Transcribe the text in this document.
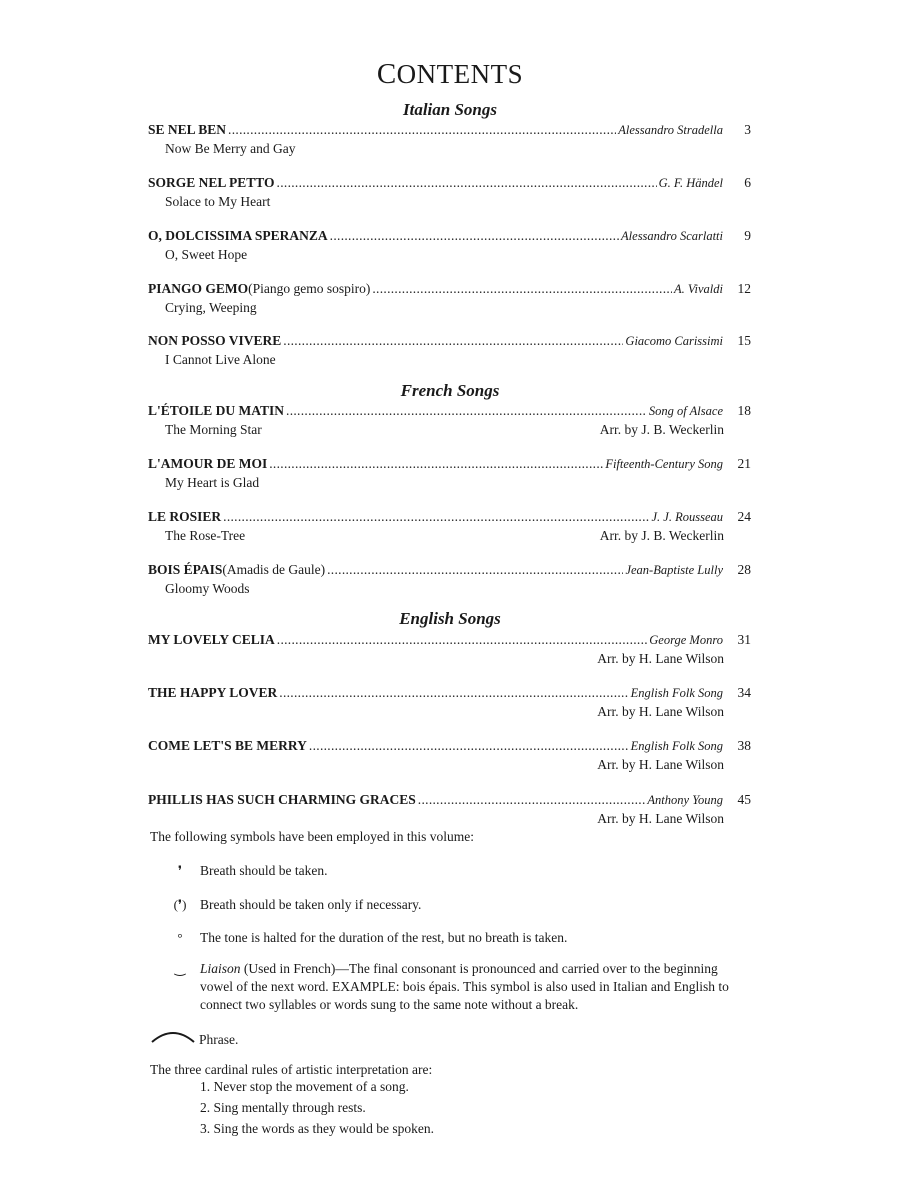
CONTENTS
Italian Songs
SE NEL BEN .....	Alessandro Stradella	3
Now Be Merry and Gay
SORGE NEL PETTO .....	G. F. Händel	6
Solace to My Heart
O, DOLCISSIMA SPERANZA .....	Alessandro Scarlatti	9
O, Sweet Hope
PIANGO GEMO (Piango gemo sospiro) .....	A. Vivaldi	12
Crying, Weeping
NON POSSO VIVERE .....	Giacomo Carissimi	15
I Cannot Live Alone
French Songs
L'ÉTOILE DU MATIN .....	Song of Alsace	18
The Morning Star	Arr. by J. B. Weckerlin
L'AMOUR DE MOI .....	Fifteenth-Century Song	21
My Heart is Glad
LE ROSIER .....	J. J. Rousseau	24
The Rose-Tree	Arr. by J. B. Weckerlin
BOIS ÉPAIS (Amadis de Gaule) .....	Jean-Baptiste Lully	28
Gloomy Woods
English Songs
MY LOVELY CELIA .....	George Monro	31
Arr. by H. Lane Wilson
THE HAPPY LOVER .....	English Folk Song	34
Arr. by H. Lane Wilson
COME LET'S BE MERRY .....	English Folk Song	38
Arr. by H. Lane Wilson
PHILLIS HAS SUCH CHARMING GRACES .....	Anthony Young	45
Arr. by H. Lane Wilson
The following symbols have been employed in this volume:
❜	Breath should be taken.
(❜)	Breath should be taken only if necessary.
°	The tone is halted for the duration of the rest, but no breath is taken.
‿	Liaison (Used in French)—The final consonant is pronounced and carried over to the beginning vowel of the next word. EXAMPLE: bois épais. This symbol is also used in Italian and English to connect two syllables or words sung to the same note without a break.
Phrase.
The three cardinal rules of artistic interpretation are:
1. Never stop the movement of a song.
2. Sing mentally through rests.
3. Sing the words as they would be spoken.
